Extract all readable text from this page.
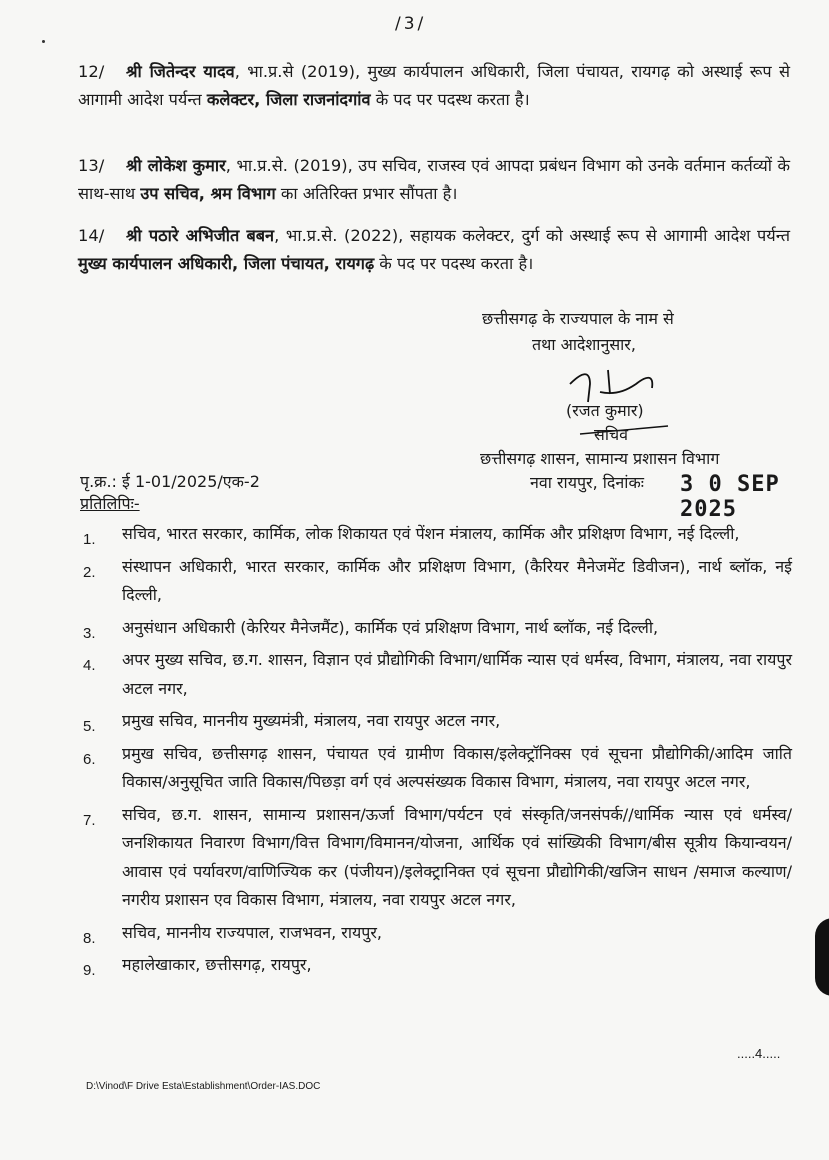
/3/
12/ श्री जितेन्दर यादव, भा.प्र.से (2019), मुख्य कार्यपालन अधिकारी, जिला पंचायत, रायगढ़ को अस्थाई रूप से आगामी आदेश पर्यन्त कलेक्टर, जिला राजनांदगांव के पद पर पदस्थ करता है।
13/ श्री लोकेश कुमार, भा.प्र.से. (2019), उप सचिव, राजस्व एवं आपदा प्रबंधन विभाग को उनके वर्तमान कर्तव्यों के साथ-साथ उप सचिव, श्रम विभाग का अतिरिक्त प्रभार सौंपता है।
14/ श्री पठारे अभिजीत बबन, भा.प्र.से. (2022), सहायक कलेक्टर, दुर्ग को अस्थाई रूप से आगामी आदेश पर्यन्त मुख्य कार्यपालन अधिकारी, जिला पंचायत, रायगढ़ के पद पर पदस्थ करता है।
छत्तीसगढ़ के राज्यपाल के नाम से
तथा आदेशानुसार,
(रजत कुमार)
सचिव
छत्तीसगढ़ शासन, सामान्य प्रशासन विभाग
पृ.क्र.: ई 1-01/2025/एक-2	नवा रायपुर, दिनांकः 3 0 SEP 2025
प्रतिलिपिः-
1. सचिव, भारत सरकार, कार्मिक, लोक शिकायत एवं पेंशन मंत्रालय, कार्मिक और प्रशिक्षण विभाग, नई दिल्ली,
2. संस्थापन अधिकारी, भारत सरकार, कार्मिक और प्रशिक्षण विभाग, (कैरियर मैनेजमेंट डिवीजन), नार्थ ब्लॉक, नई दिल्ली,
3. अनुसंधान अधिकारी (केरियर मैनेजमैंट), कार्मिक एवं प्रशिक्षण विभाग, नार्थ ब्लॉक, नई दिल्ली,
4. अपर मुख्य सचिव, छ.ग. शासन, विज्ञान एवं प्रौद्योगिकी विभाग/धार्मिक न्यास एवं धर्मस्व, विभाग, मंत्रालय, नवा रायपुर अटल नगर,
5. प्रमुख सचिव, माननीय मुख्यमंत्री, मंत्रालय, नवा रायपुर अटल नगर,
6. प्रमुख सचिव, छत्तीसगढ़ शासन, पंचायत एवं ग्रामीण विकास/इलेक्ट्रॉनिक्स एवं सूचना प्रौद्योगिकी/आदिम जाति विकास/अनुसूचित जाति विकास/पिछड़ा वर्ग एवं अल्पसंख्यक विकास विभाग, मंत्रालय, नवा रायपुर अटल नगर,
7. सचिव, छ.ग. शासन, सामान्य प्रशासन/ऊर्जा विभाग/पर्यटन एवं संस्कृति/जनसंपर्क//धार्मिक न्यास एवं धर्मस्व/जनशिकायत निवारण विभाग/वित्त विभाग/विमानन/योजना, आर्थिक एवं सांख्यिकी विभाग/बीस सूत्रीय कियान्वयन/आवास एवं पर्यावरण/वाणिज्यिक कर (पंजीयन)/इलेक्ट्रानिक्त एवं सूचना प्रौद्योगिकी/खजिन साधन /समाज कल्याण/नगरीय प्रशासन एव विकास विभाग, मंत्रालय, नवा रायपुर अटल नगर,
8. सचिव, माननीय राज्यपाल, राजभवन, रायपुर,
9. महालेखाकार, छत्तीसगढ़, रायपुर,
.....4.....
D:\Vinod\F Drive Esta\Establishment\Order-IAS.DOC
